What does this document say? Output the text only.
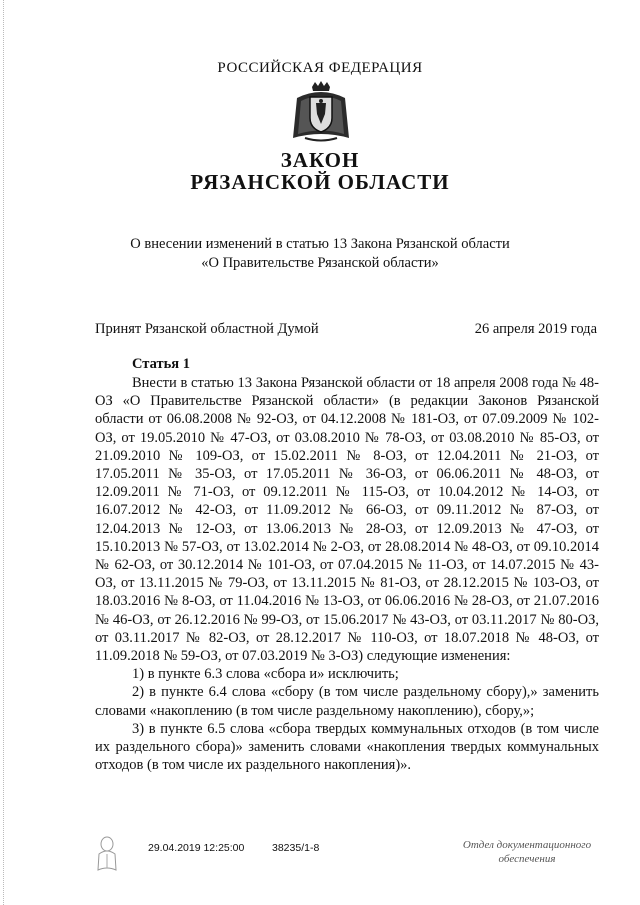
РОССИЙСКАЯ ФЕДЕРАЦИЯ
ЗАКОН
РЯЗАНСКОЙ ОБЛАСТИ
О внесении изменений в статью 13 Закона Рязанской области
«О Правительстве Рязанской области»
Принят Рязанской областной Думой	26 апреля 2019 года
Статья 1

Внести в статью 13 Закона Рязанской области от 18 апреля 2008 года № 48-ОЗ «О Правительстве Рязанской области» (в редакции Законов Рязанской области от 06.08.2008 № 92-ОЗ, от 04.12.2008 № 181-ОЗ, от 07.09.2009 № 102-ОЗ, от 19.05.2010 № 47-ОЗ, от 03.08.2010 № 78-ОЗ, от 03.08.2010 № 85-ОЗ, от 21.09.2010 № 109-ОЗ, от 15.02.2011 № 8-ОЗ, от 12.04.2011 № 21-ОЗ, от 17.05.2011 № 35-ОЗ, от 17.05.2011 № 36-ОЗ, от 06.06.2011 № 48-ОЗ, от 12.09.2011 № 71-ОЗ, от 09.12.2011 № 115-ОЗ, от 10.04.2012 № 14-ОЗ, от 16.07.2012 № 42-ОЗ, от 11.09.2012 № 66-ОЗ, от 09.11.2012 № 87-ОЗ, от 12.04.2013 № 12-ОЗ, от 13.06.2013 № 28-ОЗ, от 12.09.2013 № 47-ОЗ, от 15.10.2013 № 57-ОЗ, от 13.02.2014 № 2-ОЗ, от 28.08.2014 № 48-ОЗ, от 09.10.2014 № 62-ОЗ, от 30.12.2014 № 101-ОЗ, от 07.04.2015 № 11-ОЗ, от 14.07.2015 № 43-ОЗ, от 13.11.2015 № 79-ОЗ, от 13.11.2015 № 81-ОЗ, от 28.12.2015 № 103-ОЗ, от 18.03.2016 № 8-ОЗ, от 11.04.2016 № 13-ОЗ, от 06.06.2016 № 28-ОЗ, от 21.07.2016 № 46-ОЗ, от 26.12.2016 № 99-ОЗ, от 15.06.2017 № 43-ОЗ, от 03.11.2017 № 80-ОЗ, от 03.11.2017 № 82-ОЗ, от 28.12.2017 № 110-ОЗ, от 18.07.2018 № 48-ОЗ, от 11.09.2018 № 59-ОЗ, от 07.03.2019 № 3-ОЗ) следующие изменения:

1) в пункте 6.3 слова «сбора и» исключить;

2) в пункте 6.4 слова «сбору (в том числе раздельному сбору),» заменить словами «накоплению (в том числе раздельному накоплению), сбору,»;

3) в пункте 6.5 слова «сбора твердых коммунальных отходов (в том числе их раздельного сбора)» заменить словами «накопления твердых коммунальных отходов (в том числе их раздельного накопления)».

29.04.2019 12:25:00	38235/1-8	Отдел документационного
обеспечения
